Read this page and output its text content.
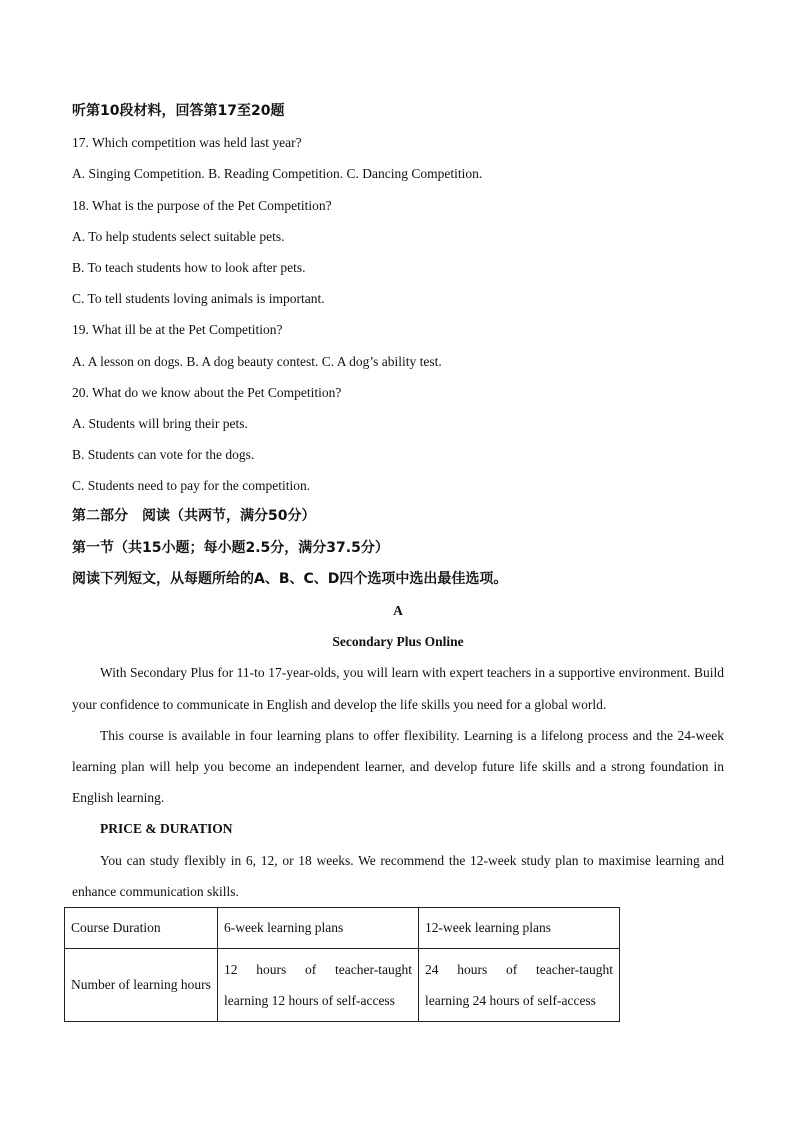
听第10段材料，回答第17至20题
17. Which competition was held last year?
A. Singing Competition. B. Reading Competition. C. Dancing Competition.
18. What is the purpose of the Pet Competition?
A. To help students select suitable pets.
B. To teach students how to look after pets.
C. To tell students loving animals is important.
19. What ill be at the Pet Competition?
A. A lesson on dogs. B. A dog beauty contest. C. A dog’s ability test.
20. What do we know about the Pet Competition?
A. Students will bring their pets.
B. Students can vote for the dogs.
C. Students need to pay for the competition.
第二部分　阅读（共两节，满分50分）
第一节（共15小题；每小题2.5分，满分37.5分）
阅读下列短文，从每题所给的A、B、C、D四个选项中选出最佳选项。
A
Secondary Plus Online

With Secondary Plus for 11-to 17-year-olds, you will learn with expert teachers in a supportive environment. Build your confidence to communicate in English and develop the life skills you need for a global world.

This course is available in four learning plans to offer flexibility. Learning is a lifelong process and the 24-week learning plan will help you become an independent learner, and develop future life skills and a strong foundation in English learning.

PRICE & DURATION

You can study flexibly in 6, 12, or 18 weeks. We recommend the 12-week study plan to maximise learning and enhance communication skills.

Course Duration	6-week learning plans	12-week learning plans
Number of learning hours	12 hours of teacher-taught learning 12 hours of self-access	24 hours of teacher-taught learning 24 hours of self-access
